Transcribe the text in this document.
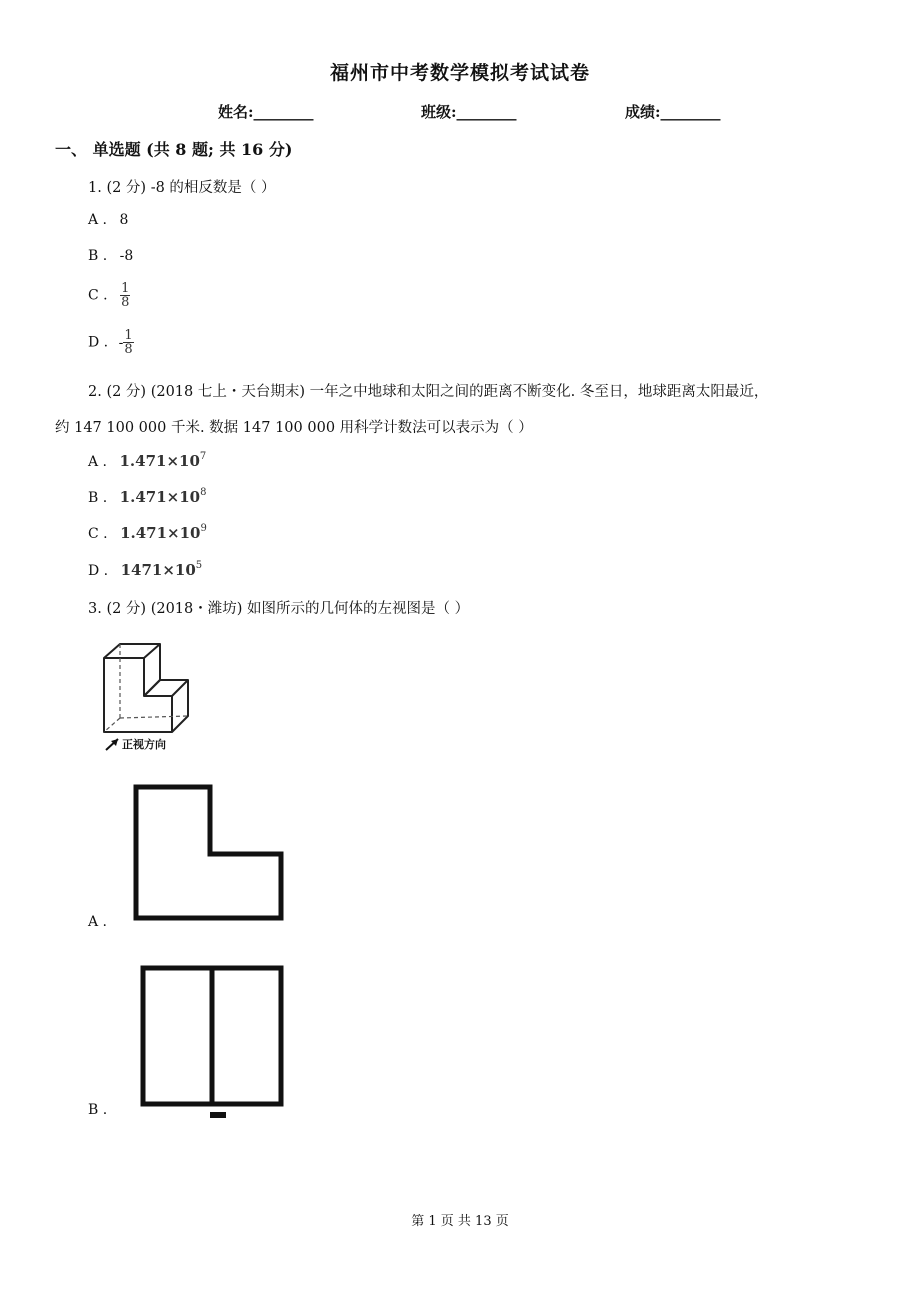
福州市中考数学模拟考试试卷
姓名:________	班级:________	成绩:________
一、 单选题 (共 8 题; 共 16 分)
1. (2 分) -8 的相反数是（ ）
A . 8
B . -8
C . $\frac{1}{8}$
D . - $\frac{1}{8}$
2. (2 分) (2018 七上・天台期末) 一年之中地球和太阳之间的距离不断变化. 冬至日，地球距离太阳最近，
约 147 100 000 千米. 数据 147 100 000 用科学计数法可以表示为（ ）
A . $1.471\times 10^7$
B . $1.471\times 10^8$
C . $1.471\times 10^9$
D . $1471\times 10^5$
3. (2 分) (2018・潍坊) 如图所示的几何体的左视图是（ ）
正视方向
A .
B .
第 1 页 共 13 页
